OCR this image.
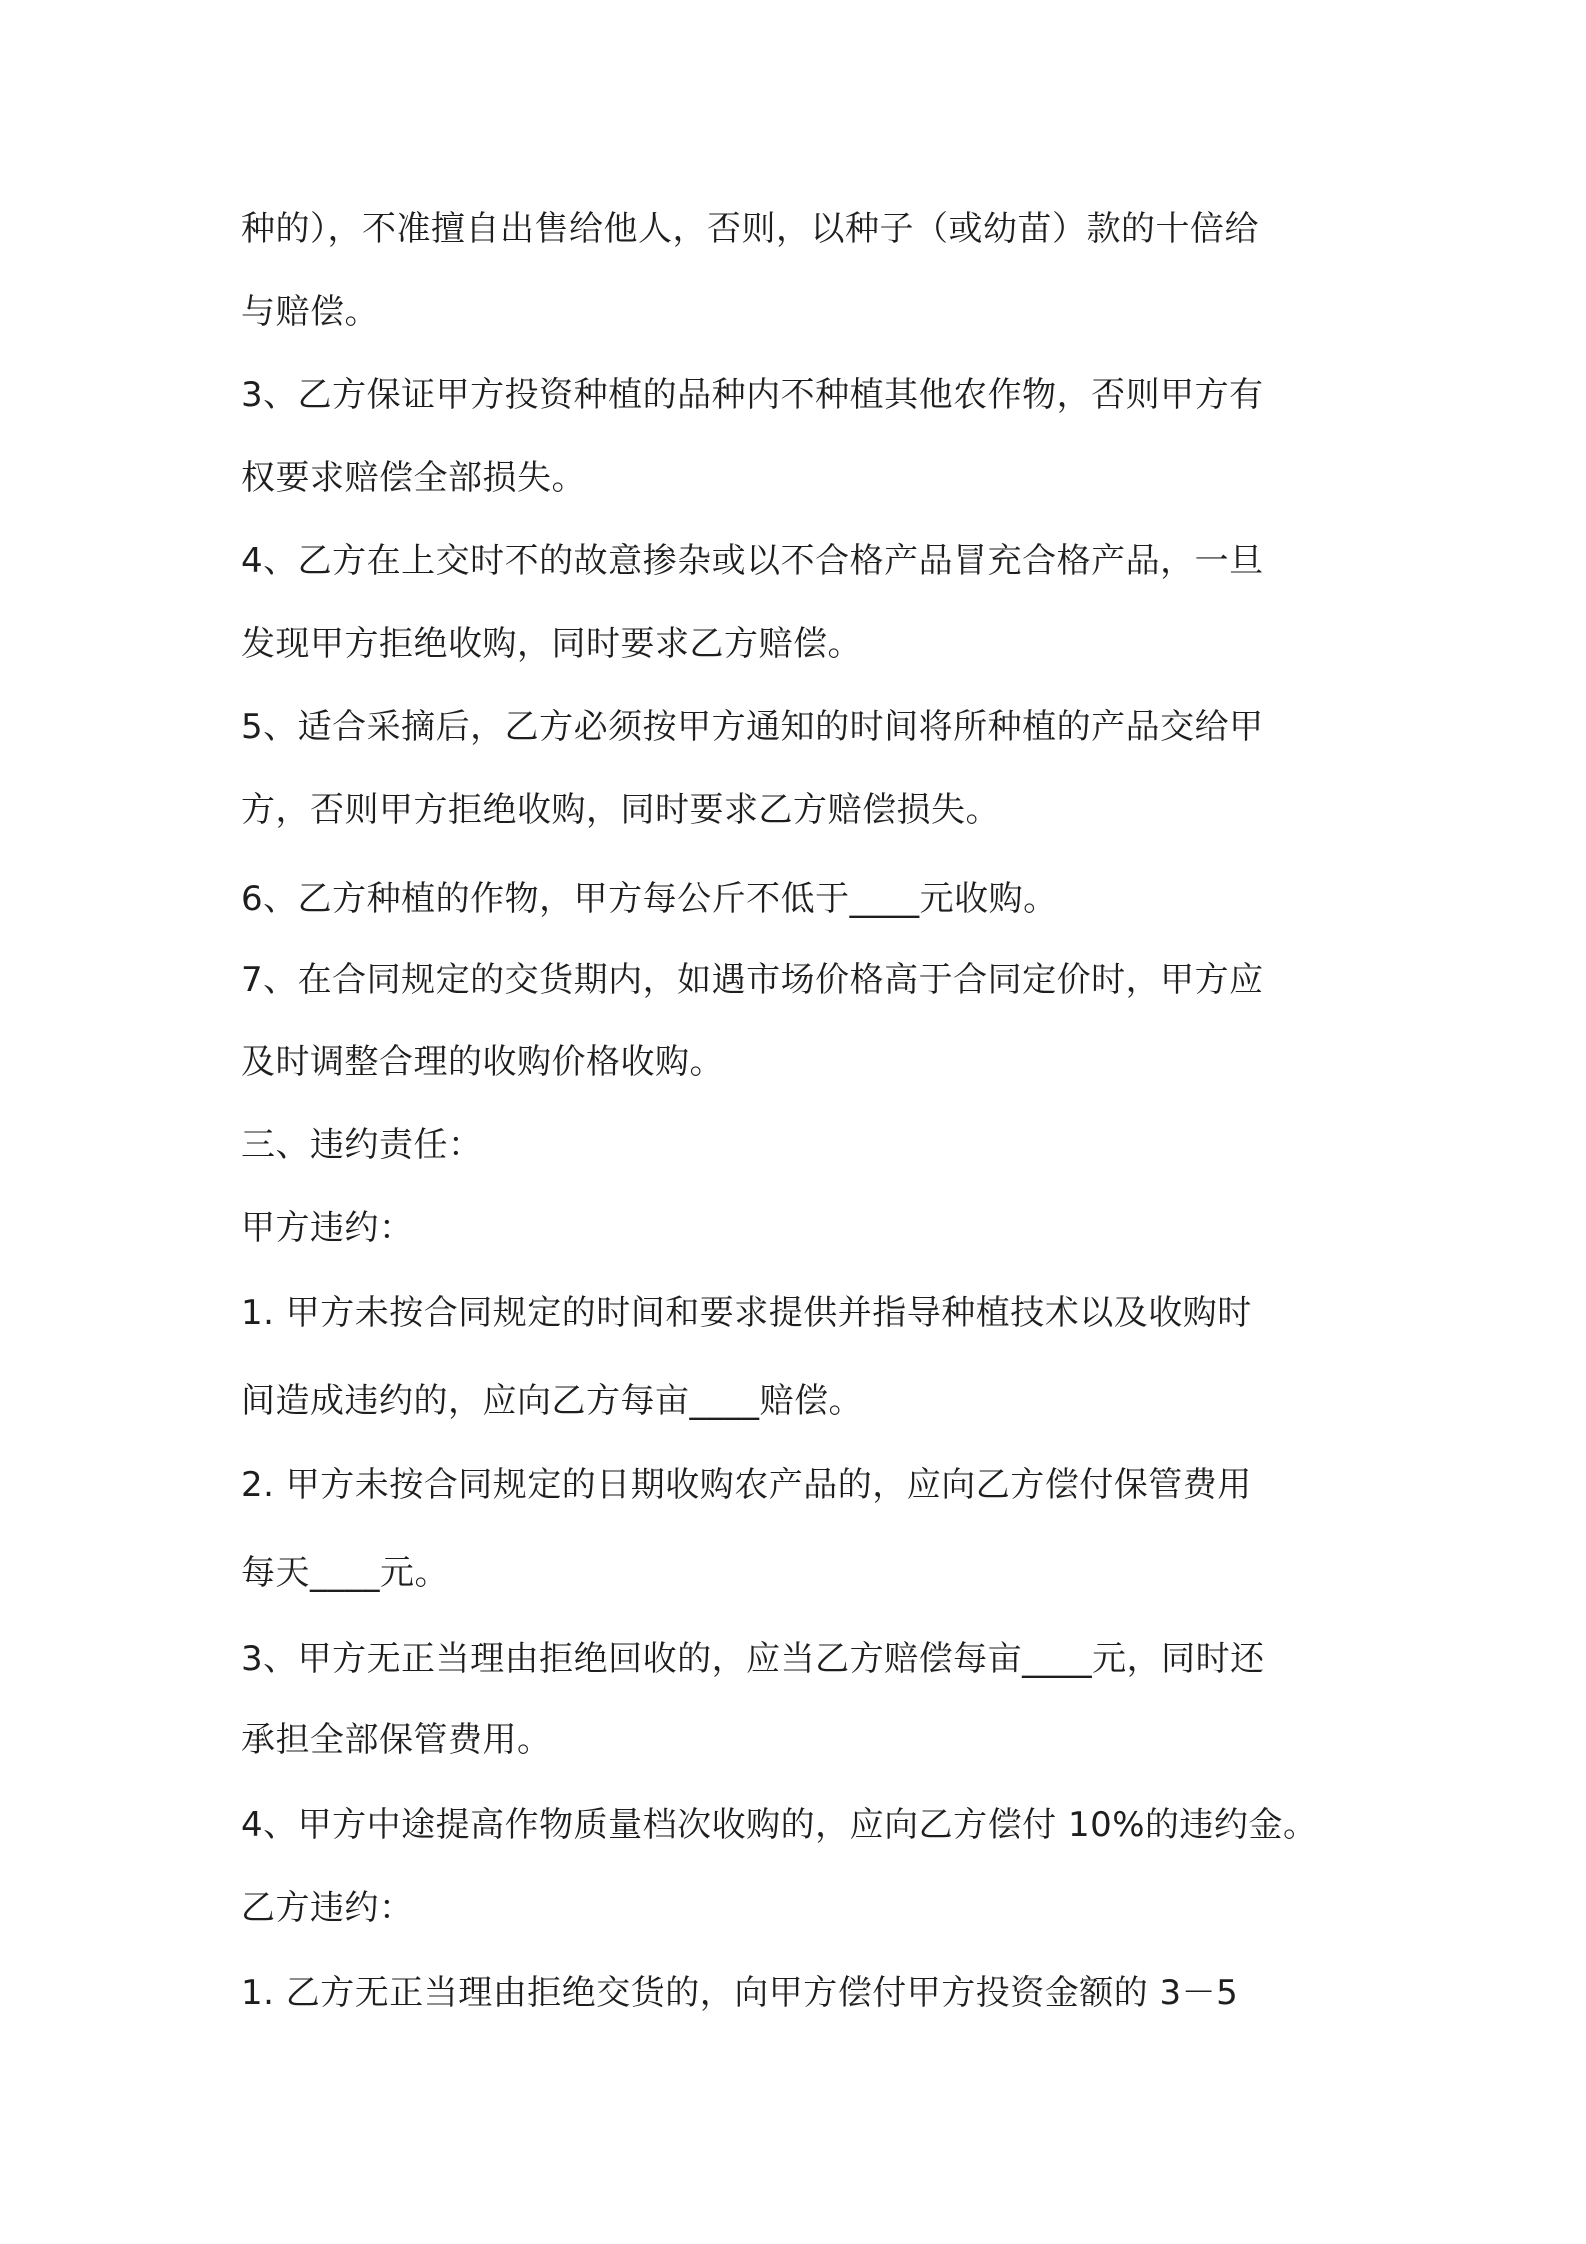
种的），不准擅自出售给他人，否则，以种子（或幼苗）款的十倍给
与赔偿。
3、乙方保证甲方投资种植的品种内不种植其他农作物，否则甲方有
权要求赔偿全部损失。
4、乙方在上交时不的故意掺杂或以不合格产品冒充合格产品，一旦
发现甲方拒绝收购，同时要求乙方赔偿。
5、适合采摘后，乙方必须按甲方通知的时间将所种植的产品交给甲
方，否则甲方拒绝收购，同时要求乙方赔偿损失。
6、乙方种植的作物，甲方每公斤不低于____元收购。
7、在合同规定的交货期内，如遇市场价格高于合同定价时，甲方应
及时调整合理的收购价格收购。
三、违约责任：
甲方违约：
1. 甲方未按合同规定的时间和要求提供并指导种植技术以及收购时
间造成违约的，应向乙方每亩____赔偿。
2. 甲方未按合同规定的日期收购农产品的，应向乙方偿付保管费用
每天____元。
3、甲方无正当理由拒绝回收的，应当乙方赔偿每亩____元，同时还
承担全部保管费用。
4、甲方中途提高作物质量档次收购的，应向乙方偿付 10%的违约金。
乙方违约：
1. 乙方无正当理由拒绝交货的，向甲方偿付甲方投资金额的 3－5
